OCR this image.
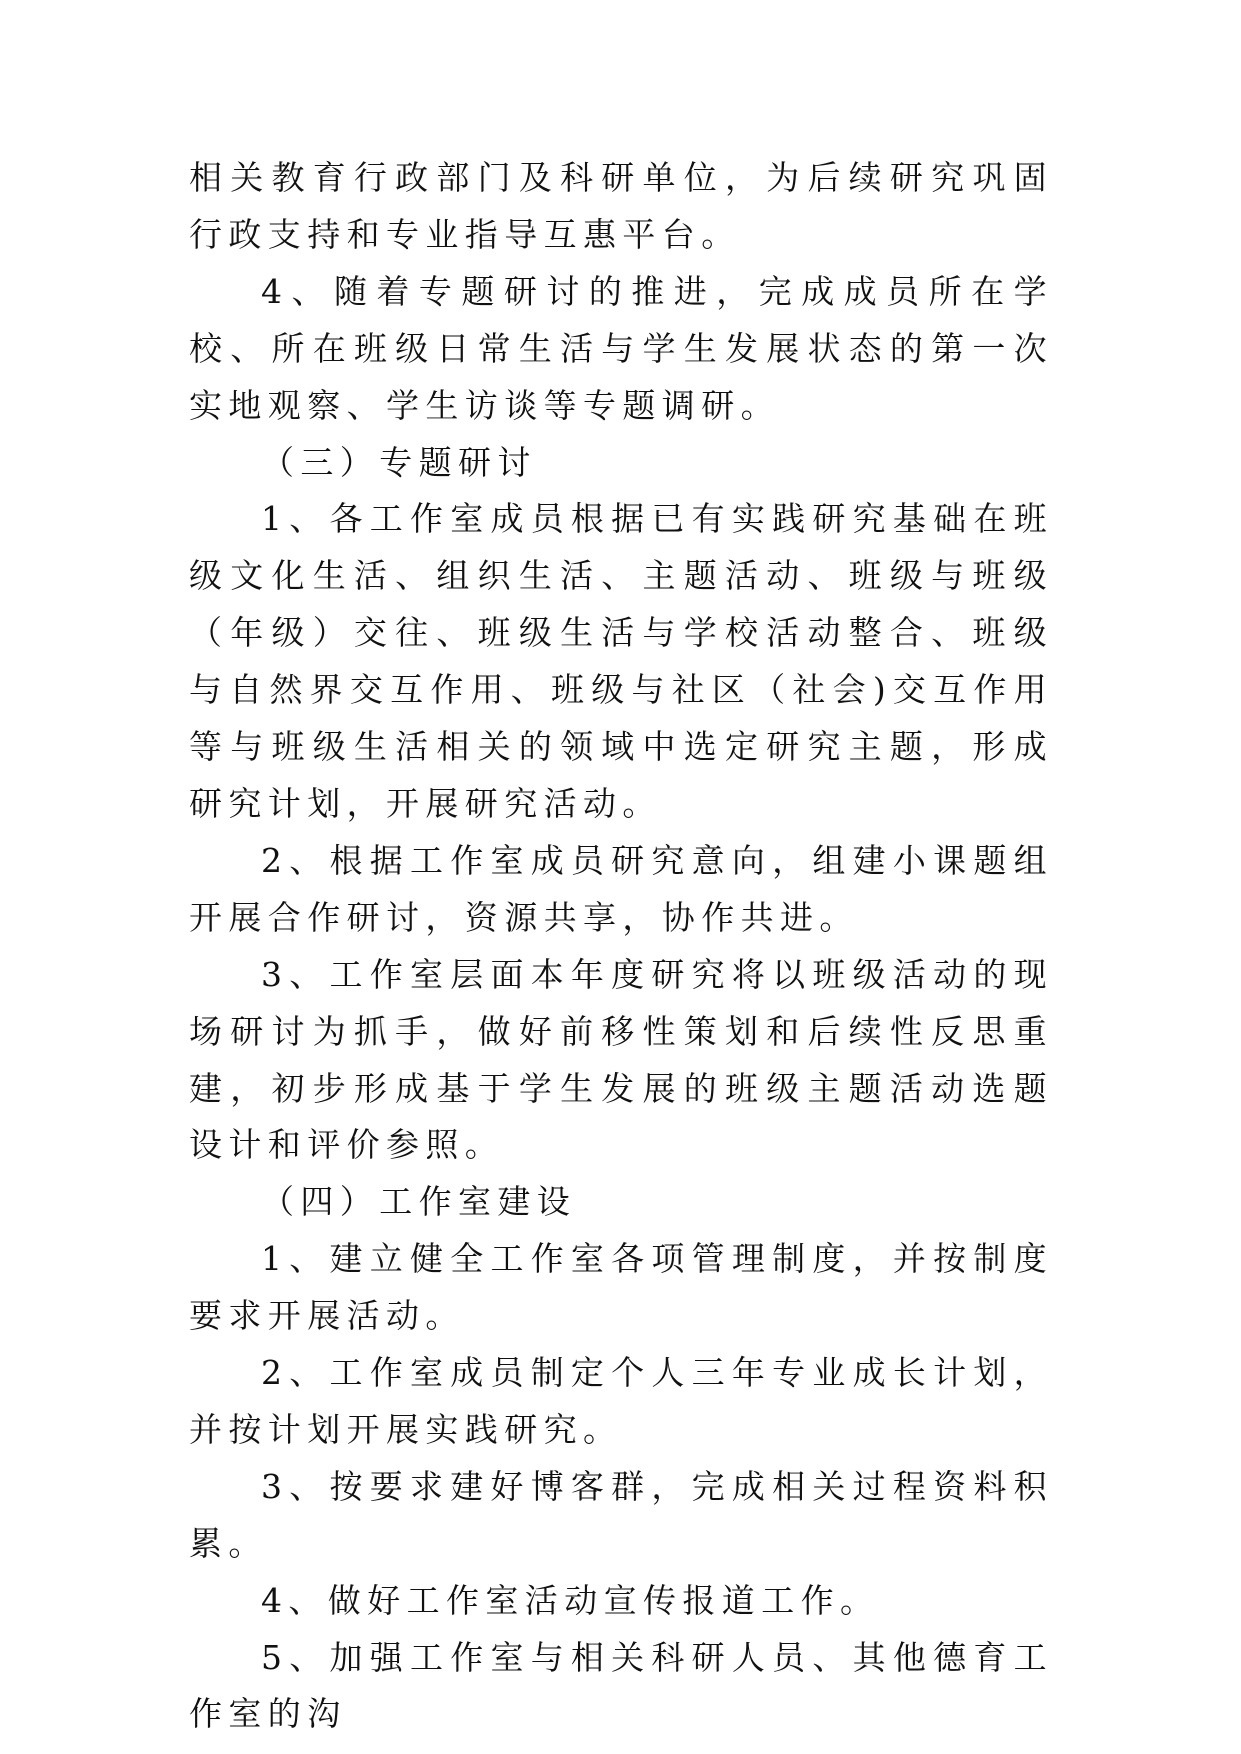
相关教育行政部门及科研单位，为后续研究巩固行政支持和专业指导互惠平台。

4、随着专题研讨的推进，完成成员所在学校、所在班级日常生活与学生发展状态的第一次实地观察、学生访谈等专题调研。

（三）专题研讨

1、各工作室成员根据已有实践研究基础在班级文化生活、组织生活、主题活动、班级与班级（年级）交往、班级生活与学校活动整合、班级与自然界交互作用、班级与社区（社会)交互作用等与班级生活相关的领域中选定研究主题，形成研究计划，开展研究活动。

2、根据工作室成员研究意向，组建小课题组开展合作研讨，资源共享，协作共进。

3、工作室层面本年度研究将以班级活动的现场研讨为抓手，做好前移性策划和后续性反思重建，初步形成基于学生发展的班级主题活动选题设计和评价参照。

（四）工作室建设

1、建立健全工作室各项管理制度，并按制度要求开展活动。

2、工作室成员制定个人三年专业成长计划，并按计划开展实践研究。

3、按要求建好博客群，完成相关过程资料积累。

4、做好工作室活动宣传报道工作。

5、加强工作室与相关科研人员、其他德育工作室的沟
